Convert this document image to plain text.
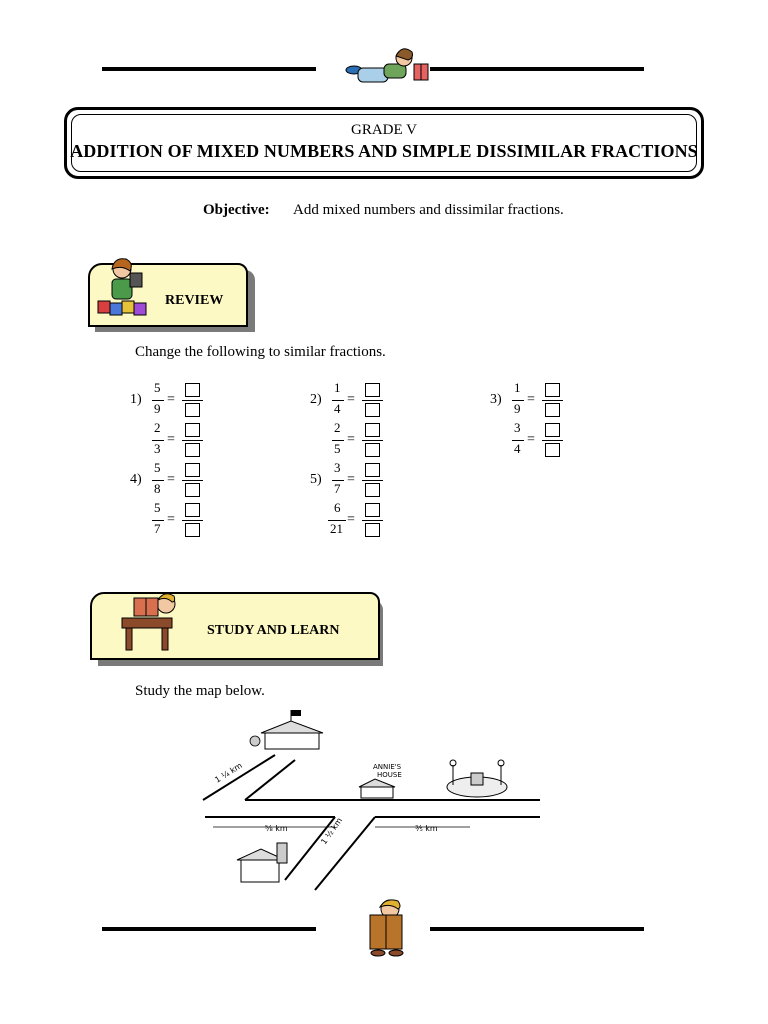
GRADE V
ADDITION OF MIXED NUMBERS AND SIMPLE DISSIMILAR FRACTIONS
Objective: Add mixed numbers and dissimilar fractions.
REVIEW
Change the following to similar fractions.
1)
5
9
=
2
3
=
2)
1
4
=
2
5
=
3)
1
9
=
3
4
=
4)
5
8
=
5
7
=
5)
3
7
=
6
21
=
STUDY AND LEARN
Study the map below.
ANNIE'S
HOUSE
1 ¼ km
⅝ km	⅗ km
1 ½ km
